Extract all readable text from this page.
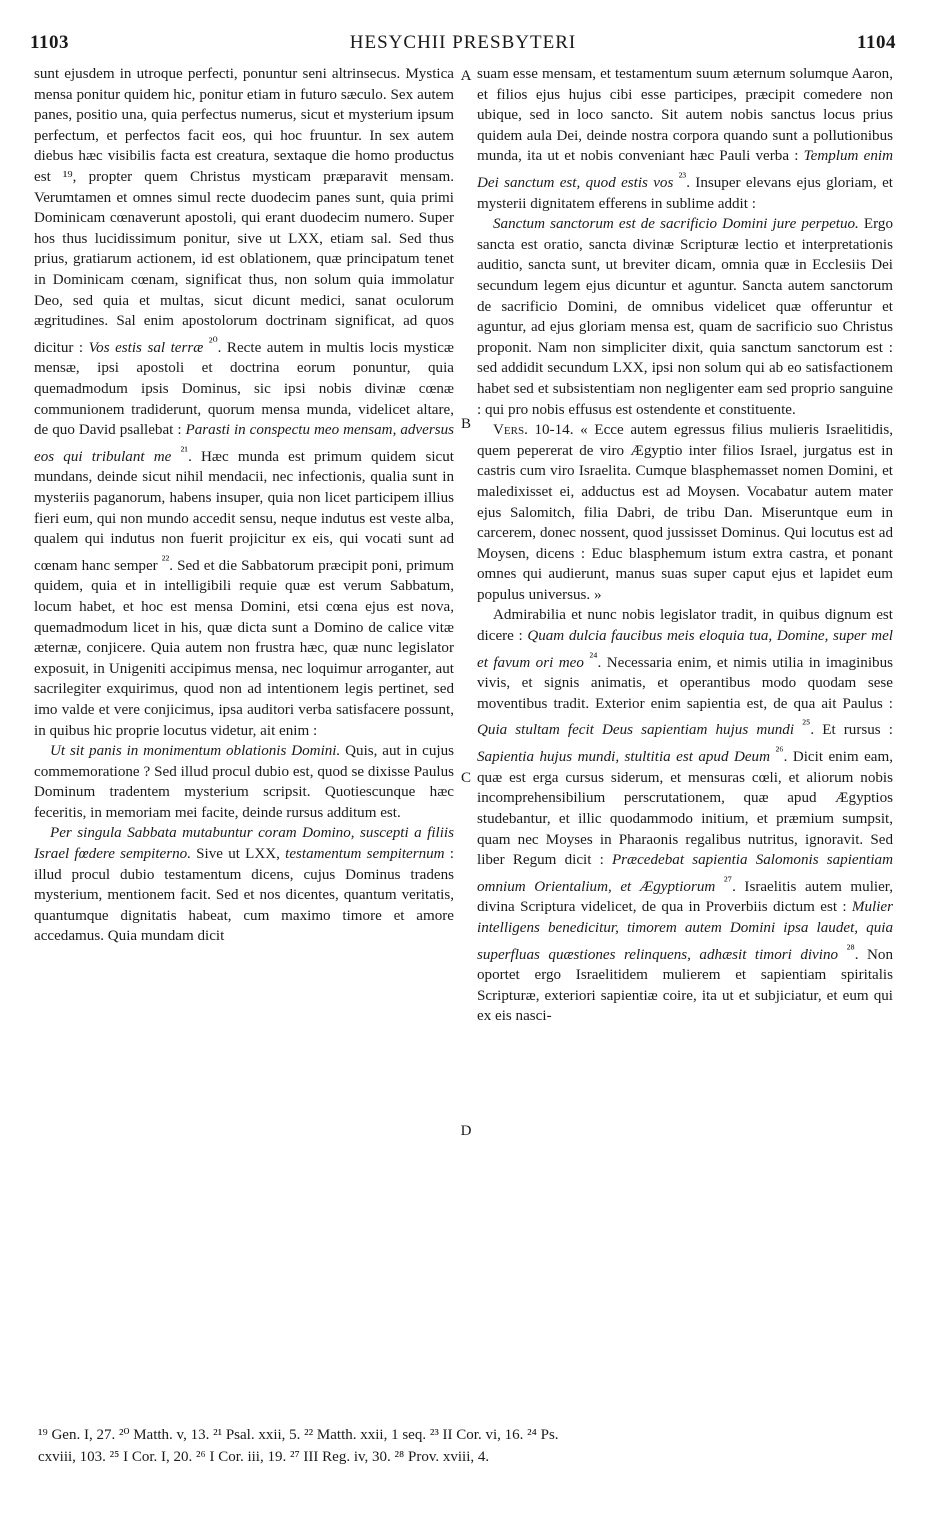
1103	HESYCHII PRESBYTERI	1104

sunt ejusdem in utroque perfecti, ponuntur seni altrinsecus. Mystica mensa ponitur quidem hic, ponitur etiam in futuro sæculo. Sex autem panes, positio una, quia perfectus numerus, sicut et mysterium ipsum perfectum, et perfectos facit eos, qui hoc fruuntur. In sex autem diebus hæc visibilis facta est creatura, sextaque die homo productus est ¹⁹, propter quem Christus mysticam præparavit mensam. Verumtamen et omnes simul recte duodecim panes sunt, quia primi Dominicam cœnaverunt apostoli, qui erant duodecim numero. Super hos thus lucidissimum ponitur, sive ut LXX, etiam sal. Sed thus prius, gratiarum actionem, id est oblationem, quæ principatum tenet in Dominicam cœnam, significat thus, non solum quia immolatur Deo, sed quia et multas, sicut dicunt medici, sanat oculorum ægritudines. Sal enim apostolorum doctrinam significat, ad quos dicitur : Vos estis sal terræ $^{^{20}}$. Recte autem in multis locis mysticæ mensæ, ipsi apostoli et doctrina eorum ponuntur, quia quemadmodum ipsis Dominus, sic ipsi nobis divinæ cœnæ communionem tradiderunt, quorum mensa munda, videlicet altare, de quo David psallebat : Parasti in conspectu meo mensam, adversus eos qui tribulant me $^{^{21}}$. Hæc munda est primum quidem sicut mundans, deinde sicut nihil mendacii, nec infectionis, qualia sunt in mysteriis paganorum, habens insuper, quia non licet participem illius fieri eum, qui non mundo accedit sensu, neque indutus est veste alba, qualem qui indutus non fuerit projicitur ex eis, qui vocati sunt ad cœnam hanc semper $^{^{22}}$. Sed et die Sabbatorum præcipit poni, primum quidem, quia et in intelligibili requie quæ est verum Sabbatum, locum habet, et hoc est mensa Domini, etsi cœna ejus est nova, quemadmodum licet in his, quæ dicta sunt a Domino de calice vitæ æternæ, conjicere. Quia autem non frustra hæc, quæ nunc legislator exposuit, in Unigeniti accipimus mensa, nec loquimur arroganter, aut sacrilegiter exquirimus, quod non ad intentionem legis pertinet, sed imo valde et vere conjicimus, ipsa auditori verba satisfacere possunt, in quibus hic proprie locutus videtur, ait enim :

Ut sit panis in monimentum oblationis Domini. Quis, aut in cujus commemoratione ? Sed illud procul dubio est, quod se dixisse Paulus Dominum tradentem mysterium scripsit. Quotiescunque hæc feceritis, in memoriam mei facite, deinde rursus additum est.

Per singula Sabbata mutabuntur coram Domino, suscepti a filiis Israel fœdere sempiterno. Sive ut LXX, testamentum sempiternum : illud procul dubio testamentum dicens, cujus Dominus tradens mysterium, mentionem facit. Sed et nos dicentes, quantum veritatis, quantumque dignitatis habeat, cum maximo timore et amore accedamus. Quia mundam dicit

A
B
C
D

suam esse mensam, et testamentum suum æternum solumque Aaron, et filios ejus hujus cibi esse participes, præcipit comedere non ubique, sed in loco sancto. Sit autem nobis sanctus locus prius quidem aula Dei, deinde nostra corpora quando sunt a pollutionibus munda, ita ut et nobis conveniant hæc Pauli verba : Templum enim Dei sanctum est, quod estis vos $^{^{23}}$. Insuper elevans ejus gloriam, et mysterii dignitatem efferens in sublime addit :

Sanctum sanctorum est de sacrificio Domini jure perpetuo. Ergo sancta est oratio, sancta divinæ Scripturæ lectio et interpretationis auditio, sancta sunt, ut breviter dicam, omnia quæ in Ecclesiis Dei secundum legem ejus dicuntur et aguntur. Sancta autem sanctorum de sacrificio Domini, de omnibus videlicet quæ offeruntur et aguntur, ad ejus gloriam mensa est, quam de sacrificio suo Christus proponit. Nam non simpliciter dixit, quia sanctum sanctorum est : sed addidit secundum LXX, ipsi non solum qui ab eo satisfactionem habet sed et subsistentiam non negligenter eam sed proprio sanguine : qui pro nobis effusus est ostendente et constituente.

Vers. 10-14. « Ecce autem egressus filius mulieris Israelitidis, quem pepererat de viro Ægyptio inter filios Israel, jurgatus est in castris cum viro Israelita. Cumque blasphemasset nomen Domini, et maledixisset ei, adductus est ad Moysen. Vocabatur autem mater ejus Salomitch, filia Dabri, de tribu Dan. Miseruntque eum in carcerem, donec nossent, quod jussisset Dominus. Qui locutus est ad Moysen, dicens : Educ blasphemum istum extra castra, et ponant omnes qui audierunt, manus suas super caput ejus et lapidet eum populus universus. »

Admirabilia et nunc nobis legislator tradit, in quibus dignum est dicere : Quam dulcia faucibus meis eloquia tua, Domine, super mel et favum ori meo $^{^{24}}$. Necessaria enim, et nimis utilia in imaginibus vivis, et signis animatis, et operantibus modo quodam sese moventibus tradit. Exterior enim sapientia est, de qua ait Paulus : Quia stultam fecit Deus sapientiam hujus mundi $^{^{25}}$. Et rursus : Sapientia hujus mundi, stultitia est apud Deum $^{^{26}}$. Dicit enim eam, quæ est erga cursus siderum, et mensuras cœli, et aliorum nobis incomprehensibilium perscrutationem, quæ apud Ægyptios studebantur, et illic quodammodo initium, et præmium sumpsit, quam nec Moyses in Pharaonis regalibus nutritus, ignoravit. Sed liber Regum dicit : Præcedebat sapientia Salomonis sapientiam omnium Orientalium, et Ægyptiorum $^{^{27}}$. Israelitis autem mulier, divina Scriptura videlicet, de qua in Proverbiis dictum est : Mulier intelligens benedicitur, timorem autem Domini ipsa laudet, quia superfluas quæstiones relinquens, adhæsit timori divino $^{^{28}}$. Non oportet ergo Israelitidem mulierem et sapientiam spiritalis Scripturæ, exteriori sapientiæ coire, ita ut et subjiciatur, et eum qui ex eis nasci-

¹⁹ Gen. I, 27. ²⁰ Matth. v, 13. ²¹ Psal. xxii, 5. ²² Matth. xxii, 1 seq. ²³ II Cor. vi, 16. ²⁴ Ps.
cxviii, 103. ²⁵ I Cor. I, 20. ²⁶ I Cor. iii, 19. ²⁷ III Reg. iv, 30. ²⁸ Prov. xviii, 4.
